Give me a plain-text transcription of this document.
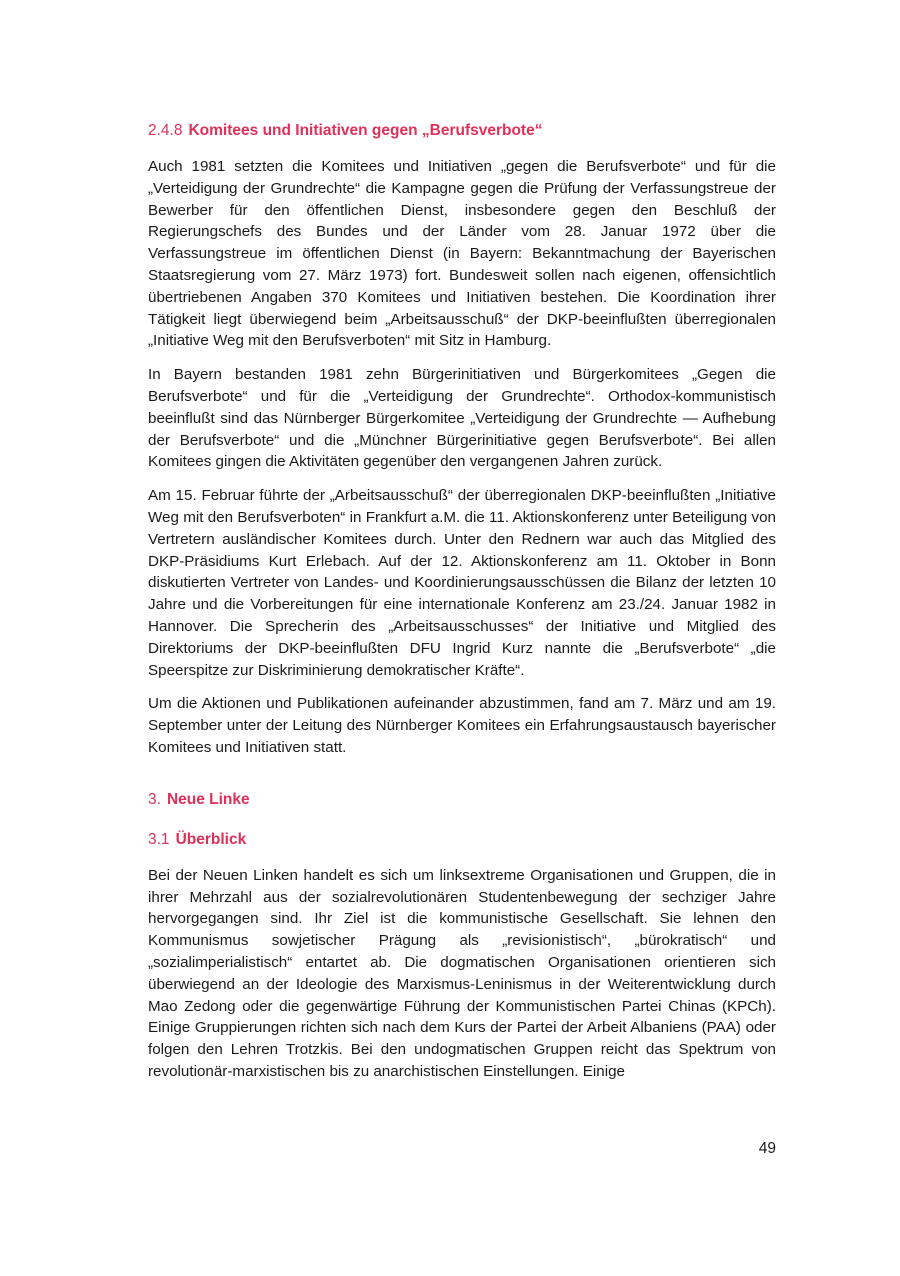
2.4.8 Komitees und Initiativen gegen „Berufsverbote“

Auch 1981 setzten die Komitees und Initiativen „gegen die Berufsverbote“ und für die „Verteidigung der Grundrechte“ die Kampagne gegen die Prüfung der Verfassungstreue der Bewerber für den öffentlichen Dienst, insbesondere gegen den Beschluß der Regierungschefs des Bundes und der Länder vom 28. Januar 1972 über die Verfassungstreue im öffentlichen Dienst (in Bayern: Bekanntmachung der Bayerischen Staatsregierung vom 27. März 1973) fort. Bundesweit sollen nach eigenen, offensichtlich übertriebenen Angaben 370 Komitees und Initiativen bestehen. Die Koordination ihrer Tätigkeit liegt überwiegend beim „Arbeitsausschuß“ der DKP-beeinflußten überregionalen „Initiative Weg mit den Berufsverboten“ mit Sitz in Hamburg.

In Bayern bestanden 1981 zehn Bürgerinitiativen und Bürgerkomitees „Gegen die Berufsverbote“ und für die „Verteidigung der Grundrechte“. Orthodox-kommunistisch beeinflußt sind das Nürnberger Bürgerkomitee „Verteidigung der Grundrechte — Aufhebung der Berufsverbote“ und die „Münchner Bürgerinitiative gegen Berufsverbote“. Bei allen Komitees gingen die Aktivitäten gegenüber den vergangenen Jahren zurück.

Am 15. Februar führte der „Arbeitsausschuß“ der überregionalen DKP-beeinflußten „Initiative Weg mit den Berufsverboten“ in Frankfurt a.M. die 11. Aktionskonferenz unter Beteiligung von Vertretern ausländischer Komitees durch. Unter den Rednern war auch das Mitglied des DKP-Präsidiums Kurt Erlebach. Auf der 12. Aktionskonferenz am 11. Oktober in Bonn diskutierten Vertreter von Landes- und Koordinierungsausschüssen die Bilanz der letzten 10 Jahre und die Vorbereitungen für eine internationale Konferenz am 23./24. Januar 1982 in Hannover. Die Sprecherin des „Arbeitsausschusses“ der Initiative und Mitglied des Direktoriums der DKP-beeinflußten DFU Ingrid Kurz nannte die „Berufsverbote“ „die Speerspitze zur Diskriminierung demokratischer Kräfte“.

Um die Aktionen und Publikationen aufeinander abzustimmen, fand am 7. März und am 19. September unter der Leitung des Nürnberger Komitees ein Erfahrungsaustausch bayerischer Komitees und Initiativen statt.

3. Neue Linke
3.1 Überblick

Bei der Neuen Linken handelt es sich um linksextreme Organisationen und Gruppen, die in ihrer Mehrzahl aus der sozialrevolutionären Studentenbewegung der sechziger Jahre hervorgegangen sind. Ihr Ziel ist die kommunistische Gesellschaft. Sie lehnen den Kommunismus sowjetischer Prägung als „revisionistisch“, „bürokratisch“ und „sozialimperialistisch“ entartet ab. Die dogmatischen Organisationen orientieren sich überwiegend an der Ideologie des Marxismus-Leninismus in der Weiterentwicklung durch Mao Zedong oder die gegenwärtige Führung der Kommunistischen Partei Chinas (KPCh). Einige Gruppierungen richten sich nach dem Kurs der Partei der Arbeit Albaniens (PAA) oder folgen den Lehren Trotzkis. Bei den undogmatischen Gruppen reicht das Spektrum von revolutionär-marxistischen bis zu anarchistischen Einstellungen. Einige

49
